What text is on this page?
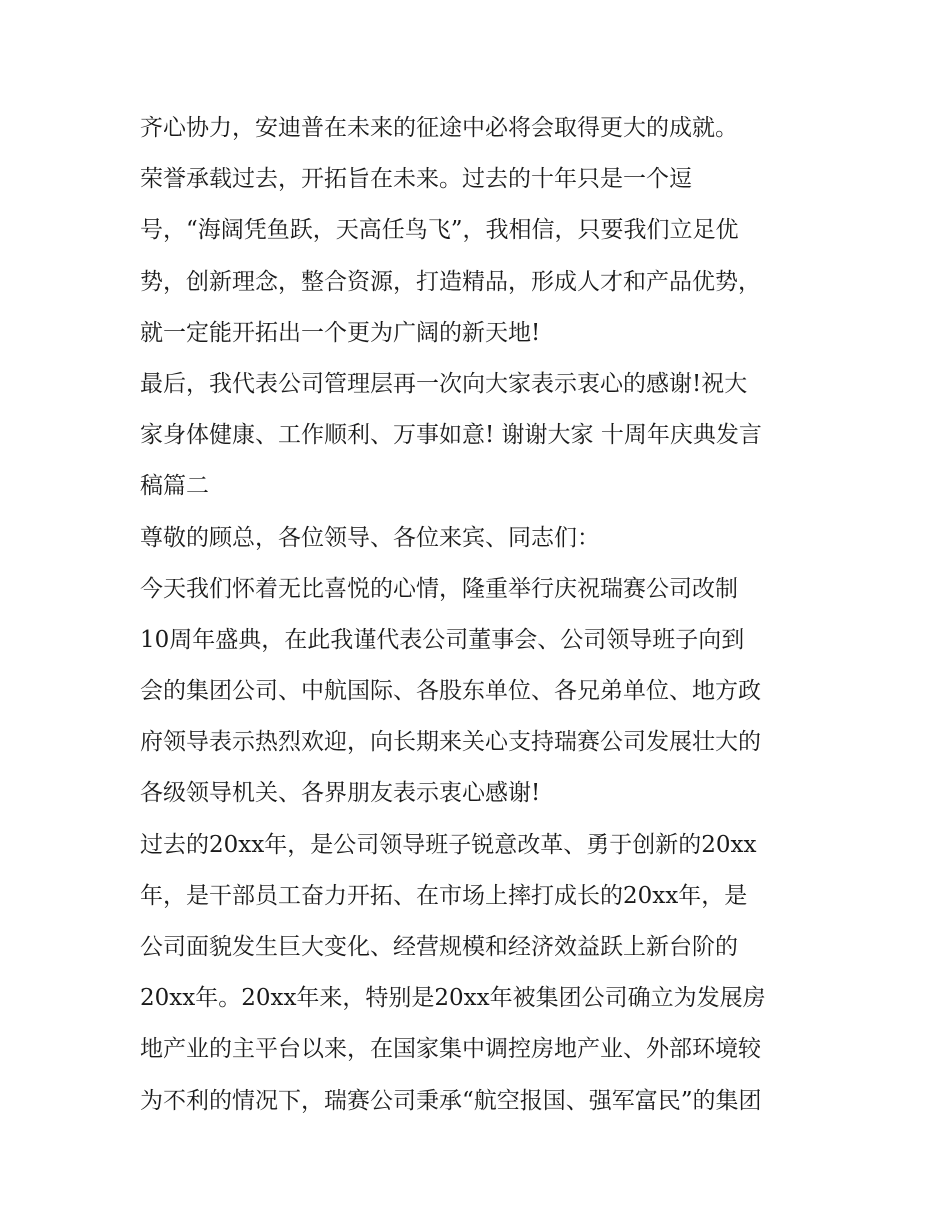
齐心协力，安迪普在未来的征途中必将会取得更大的成就。
荣誉承载过去，开拓旨在未来。过去的十年只是一个逗
号，“海阔凭鱼跃，天高任鸟飞”，我相信，只要我们立足优
势，创新理念，整合资源，打造精品，形成人才和产品优势，
就一定能开拓出一个更为广阔的新天地!
最后，我代表公司管理层再一次向大家表示衷心的感谢!祝大
家身体健康、工作顺利、万事如意! 谢谢大家 十周年庆典发言
稿篇二
尊敬的顾总，各位领导、各位来宾、同志们：
今天我们怀着无比喜悦的心情，隆重举行庆祝瑞赛公司改制
10周年盛典，在此我谨代表公司董事会、公司领导班子向到
会的集团公司、中航国际、各股东单位、各兄弟单位、地方政
府领导表示热烈欢迎，向长期来关心支持瑞赛公司发展壮大的
各级领导机关、各界朋友表示衷心感谢!
过去的20xx年，是公司领导班子锐意改革、勇于创新的20xx
年，是干部员工奋力开拓、在市场上摔打成长的20xx年，是
公司面貌发生巨大变化、经营规模和经济效益跃上新台阶的
20xx年。20xx年来，特别是20xx年被集团公司确立为发展房
地产业的主平台以来，在国家集中调控房地产业、外部环境较
为不利的情况下，瑞赛公司秉承“航空报国、强军富民”的集团
